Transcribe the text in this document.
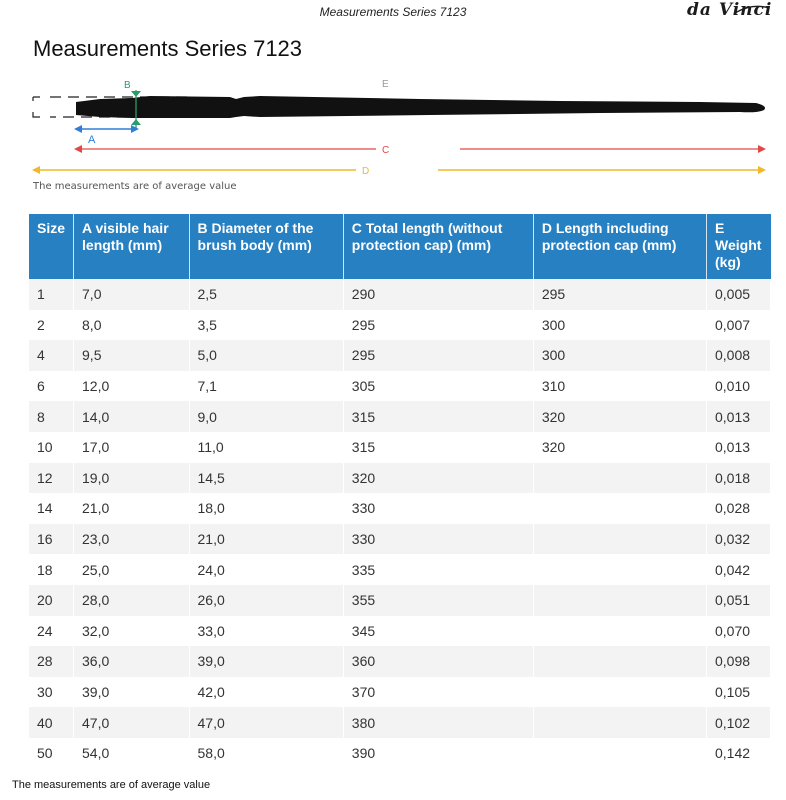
Measurements Series 7123	da Vinci
Measurements Series 7123
B
A
E
C
D
The measurements are of average value
Size	A visible hair length (mm)	B Diameter of the brush body (mm)	C Total length (without protection cap) (mm)	D Length including protection cap (mm)	E Weight (kg)
1	7,0	2,5	290	295	0,005
2	8,0	3,5	295	300	0,007
4	9,5	5,0	295	300	0,008
6	12,0	7,1	305	310	0,010
8	14,0	9,0	315	320	0,013
10	17,0	11,0	315	320	0,013
12	19,0	14,5	320		0,018
14	21,0	18,0	330		0,028
16	23,0	21,0	330		0,032
18	25,0	24,0	335		0,042
20	28,0	26,0	355		0,051
24	32,0	33,0	345		0,070
28	36,0	39,0	360		0,098
30	39,0	42,0	370		0,105
40	47,0	47,0	380		0,102
50	54,0	58,0	390		0,142
The measurements are of average value
